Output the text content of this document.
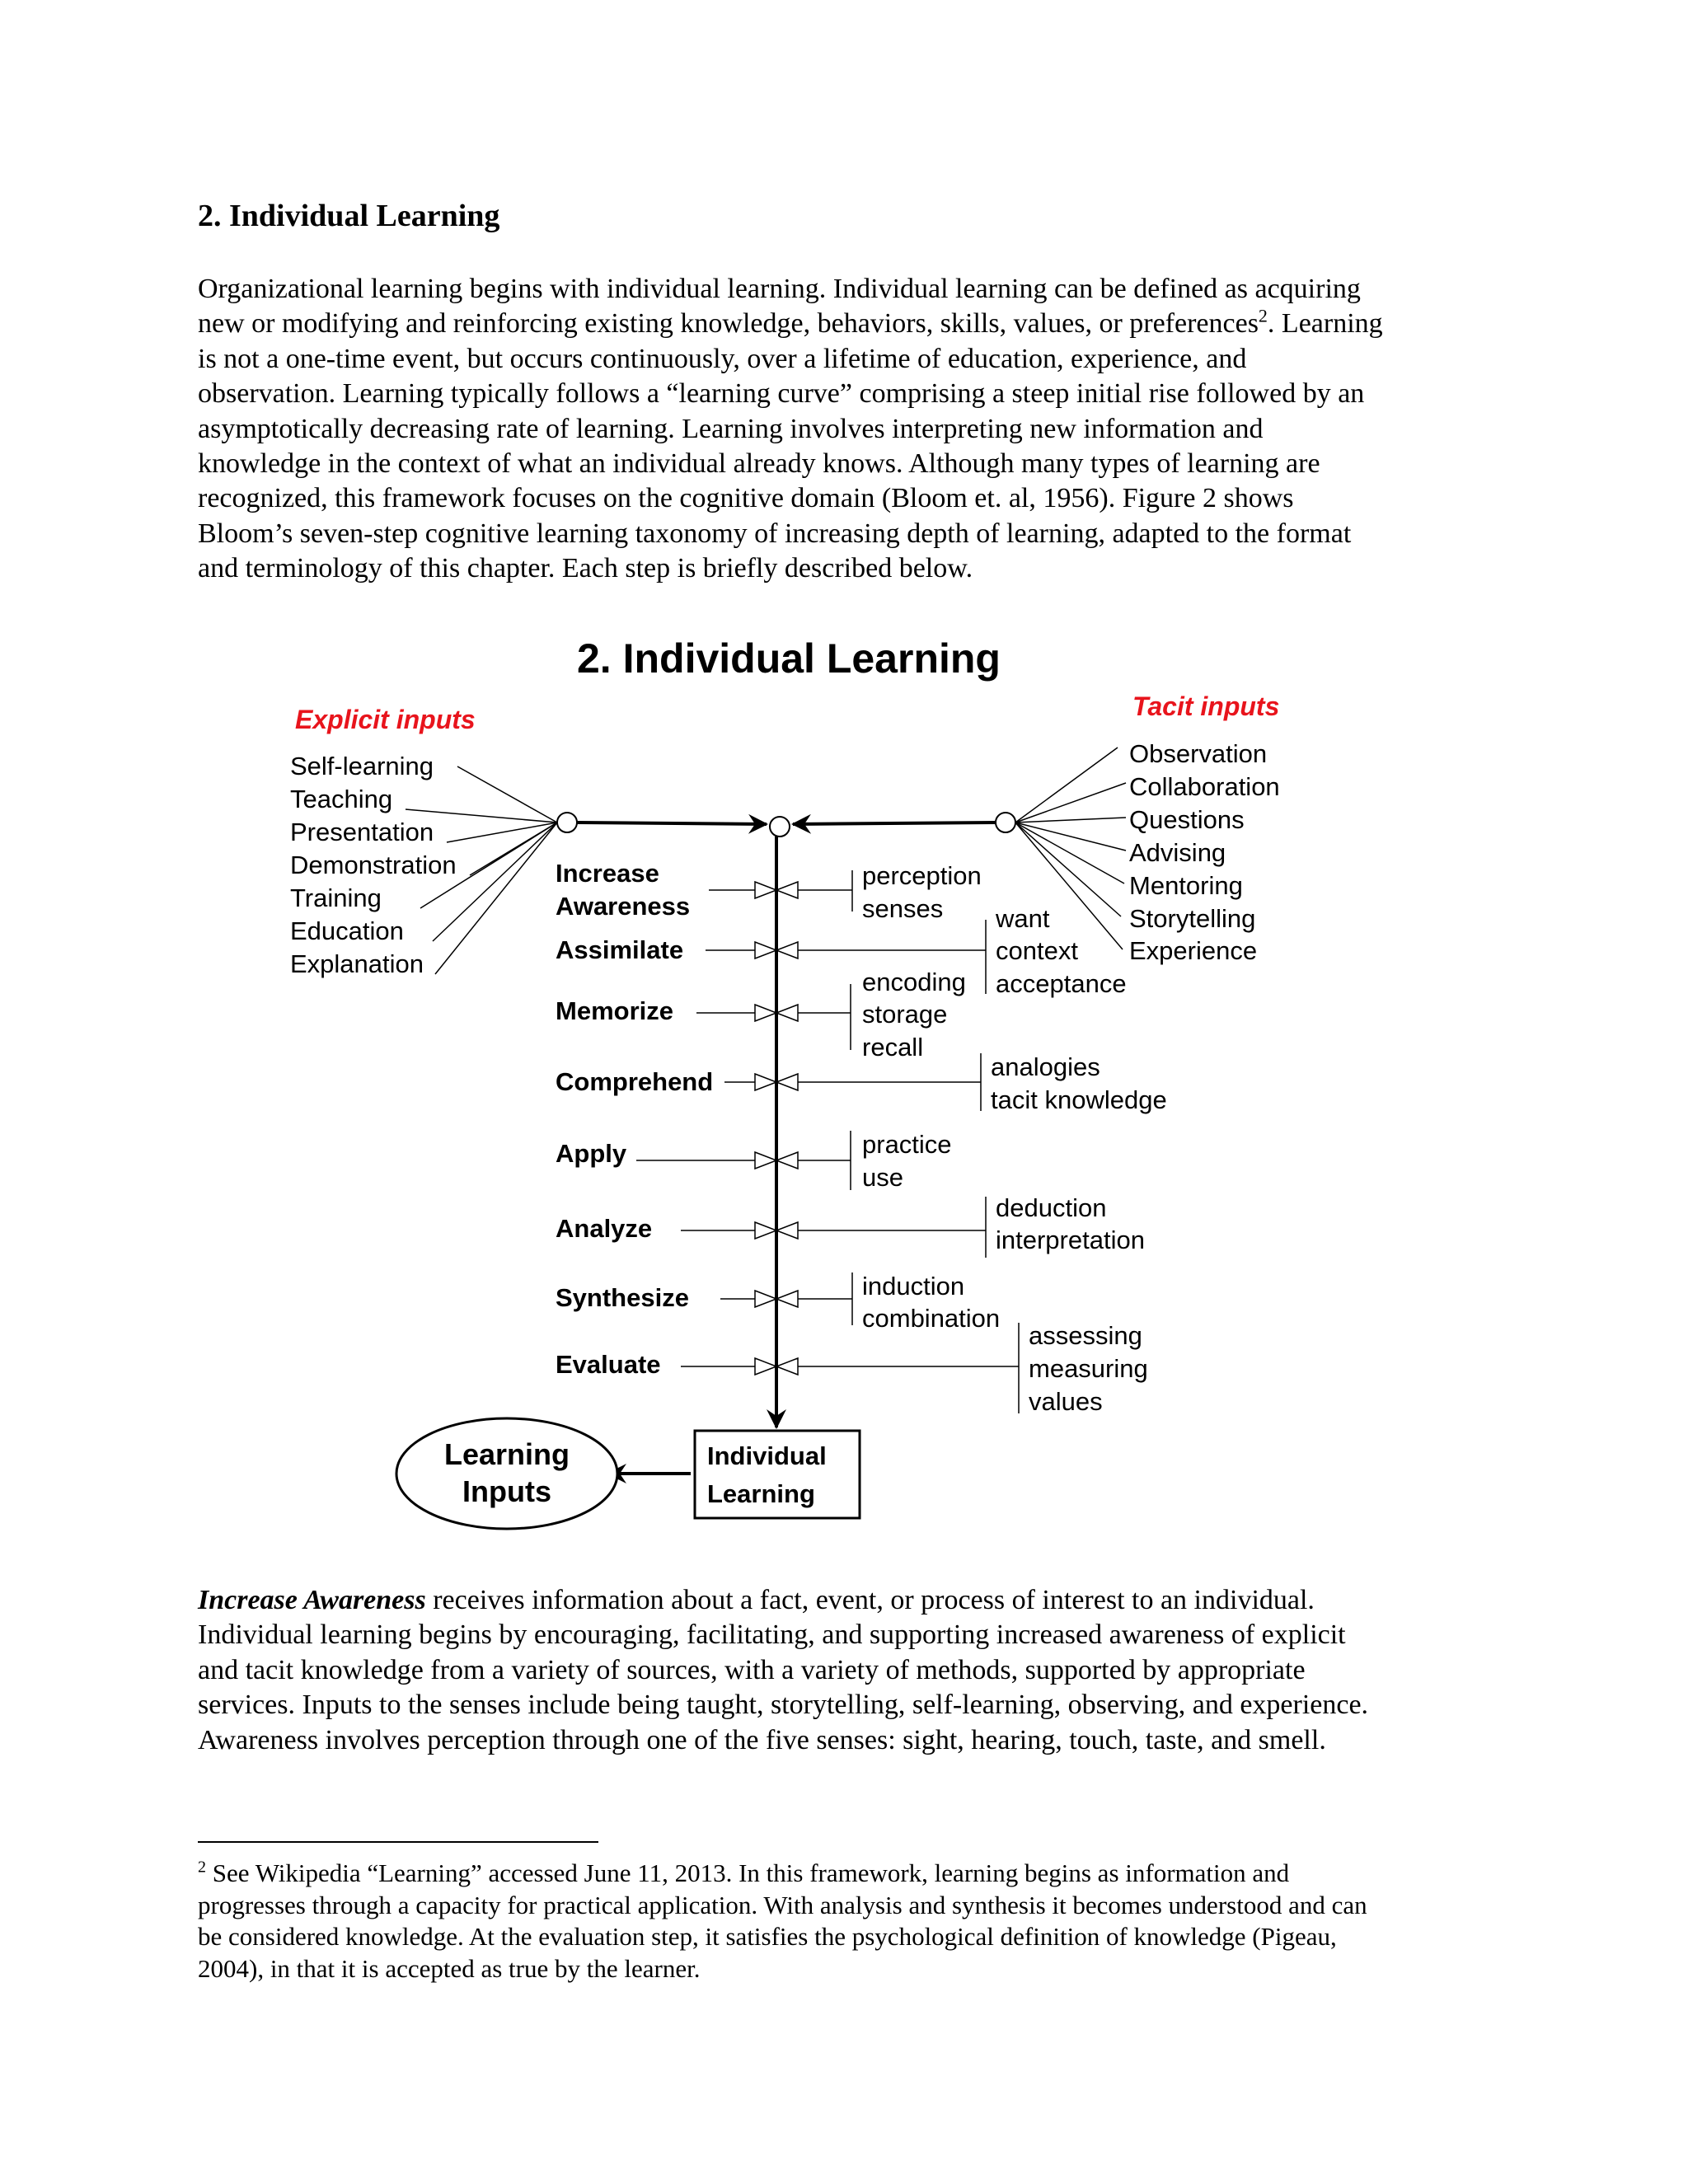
2. Individual Learning

Organizational learning begins with individual learning. Individual learning can be defined as acquiring
new or modifying and reinforcing existing knowledge, behaviors, skills, values, or preferences$^2$. Learning
is not a one-time event, but occurs continuously, over a lifetime of education, experience, and
observation. Learning typically follows a “learning curve” comprising a steep initial rise followed by an
asymptotically decreasing rate of learning. Learning involves interpreting new information and
knowledge in the context of what an individual already knows. Although many types of learning are
recognized, this framework focuses on the cognitive domain (Bloom et. al, 1956). Figure 2 shows
Bloom’s seven-step cognitive learning taxonomy of increasing depth of learning, adapted to the format
and terminology of this chapter. Each step is briefly described below.

2. Individual Learning
Explicit inputs	Tacit inputs
Self-learning
Teaching
Presentation
Demonstration
Training
Education
Explanation
Observation
Collaboration
Questions
Advising
Mentoring
Storytelling
Experience
Increase
Awareness
Assimilate
Memorize
Comprehend
Apply
Analyze
Synthesize
Evaluate
perception
senses want
context
acceptance
encoding
storage
recall
analogies
tacit knowledge
practice
use
deduction
interpretation
induction
combination
assessing
measuring
values
Individual
Learning
Learning
Inputs

Increase Awareness receives information about a fact, event, or process of interest to an individual.
Individual learning begins by encouraging, facilitating, and supporting increased awareness of explicit
and tacit knowledge from a variety of sources, with a variety of methods, supported by appropriate
services. Inputs to the senses include being taught, storytelling, self-learning, observing, and experience.
Awareness involves perception through one of the five senses: sight, hearing, touch, taste, and smell.

$^2$ See Wikipedia “Learning” accessed June 11, 2013. In this framework, learning begins as information and
progresses through a capacity for practical application. With analysis and synthesis it becomes understood and can
be considered knowledge. At the evaluation step, it satisfies the psychological definition of knowledge (Pigeau,
2004), in that it is accepted as true by the learner.
